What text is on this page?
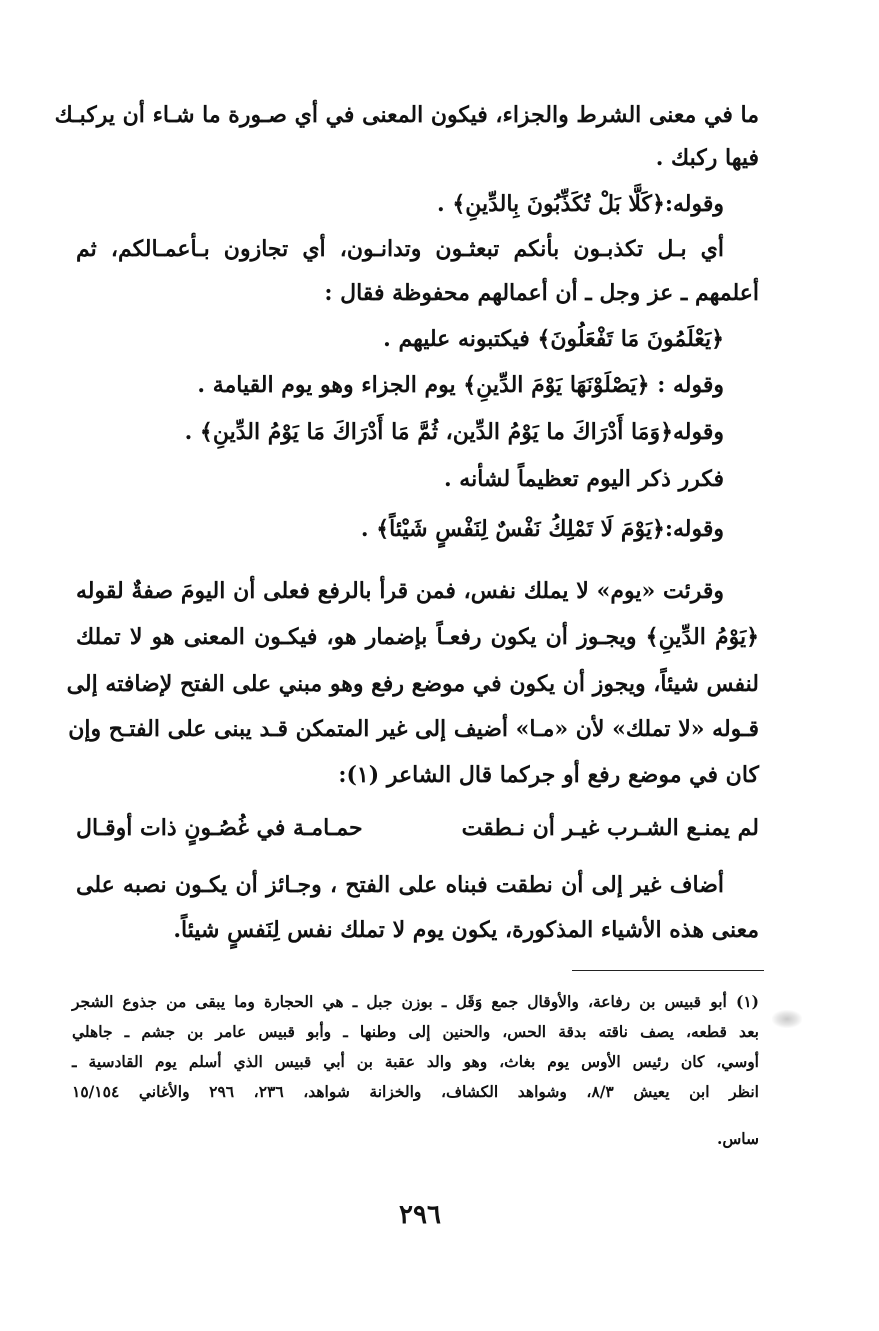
ما في معنى الشرط والجزاء، فيكون المعنى في أي صـورة ما شـاء أن يركبـك
فيها ركبك .
وقوله:﴿كَلَّا بَلْ تُكَذِّبُونَ بِالدِّينِ﴾ .
أي بـل تكذبـون بأنكم تبعثـون وتدانـون، أي تجازون بـأعمـالكم، ثم
أعلمهم ـ عز وجل ـ أن أعمالهم محفوظة فقال :
﴿يَعْلَمُونَ مَا تَفْعَلُونَ﴾ فيكتبونه عليهم .
وقوله : ﴿يَصْلَوْنَهَا يَوْمَ الدِّينِ﴾ يوم الجزاء وهو يوم القيامة .
وقوله﴿وَمَا أَدْرَاكَ ما يَوْمُ الدِّين، ثُمَّ مَا أَدْرَاكَ مَا يَوْمُ الدِّينِ﴾ .
فكرر ذكر اليوم تعظيماً لشأنه .
وقوله:﴿يَوْمَ لَا تَمْلِكُ نَفْسٌ لِنَفْسٍ شَيْئاً﴾ .
وقرئت «يوم» لا يملك نفس، فمن قرأ بالرفع فعلى أن اليومَ صفةٌ لقوله
﴿يَوْمُ الدِّينِ﴾ ويجـوز أن يكون رفعـاً بإضمار هو، فيكـون المعنى هو لا تملك
لنفس شيئاً، ويجوز أن يكون في موضع رفع وهو مبني على الفتح لإضافته إلى
قـوله «لا تملك» لأن «مـا» أضيف إلى غير المتمكن قـد يبنى على الفتـح وإن
كان في موضع رفع أو جركما قال الشاعر (١):
لم يمنـع الشـرب غيـر أن نـطقت
حمـامـة في غُصُـونٍ ذات أوقـال
أضاف غير إلى أن نطقت فبناه على الفتح ، وجـائز أن يكـون نصبه على
معنى هذه الأشياء المذكورة، يكون يوم لا تملك نفس لِنَفسٍ شيئاً.
(١) أبو قبيس بن رفاعة، والأوقال جمع وَقَل ـ بوزن جبل ـ هي الحجارة وما يبقى من جذوع الشجر
بعد قطعه، يصف ناقته بدقة الحس، والحنين إلى وطنها ـ وأبو قبيس عامر بن جشم ـ جاهلي
أوسي، كان رئيس الأوس يوم بغاث، وهو والد عقبة بن أبي قبيس الذي أسلم يوم القادسية ـ
انظر ابن يعيش ٨/٣، وشواهد الكشاف، والخزانة شواهد، ٢٣٦، ٢٩٦ والأغاني ١٥/١٥٤
ساس.
٢٩٦
